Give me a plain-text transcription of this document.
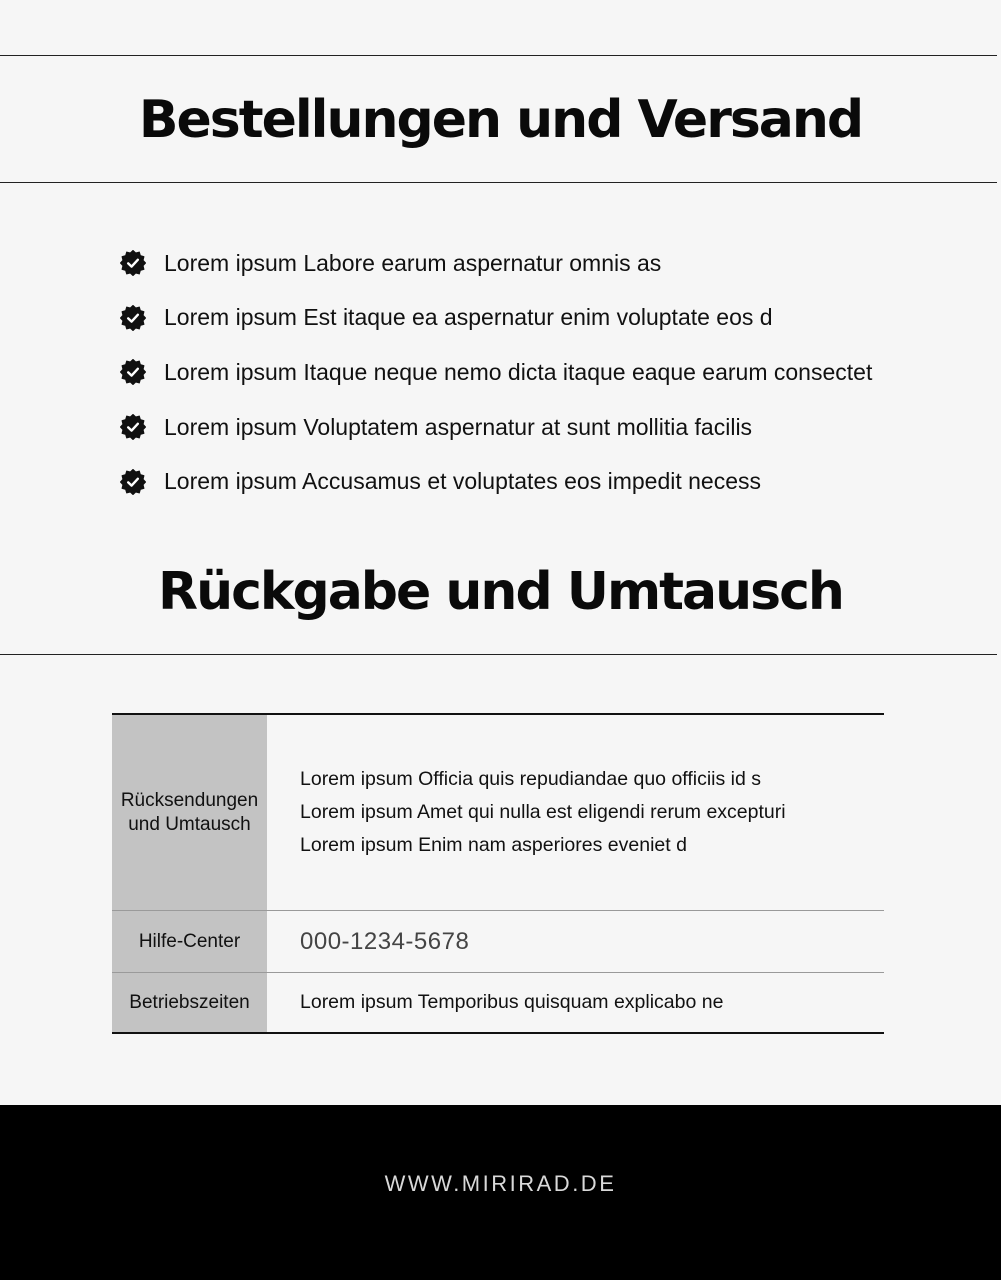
Bestellungen und Versand
Lorem ipsum Labore earum aspernatur omnis as
Lorem ipsum Est itaque ea aspernatur enim voluptate eos d
Lorem ipsum Itaque neque nemo dicta itaque eaque earum consectet
Lorem ipsum Voluptatem aspernatur at sunt mollitia facilis
Lorem ipsum Accusamus et voluptates eos impedit necess
Rückgabe und Umtausch
Rücksendungen
und Umtausch	Lorem ipsum Officia quis repudiandae quo officiis id s
Lorem ipsum Amet qui nulla est eligendi rerum excepturi
Lorem ipsum Enim nam asperiores eveniet d

Hilfe-Center	000-1234-5678
Betriebszeiten	Lorem ipsum Temporibus quisquam explicabo ne
WWW.MIRIRAD.DE
